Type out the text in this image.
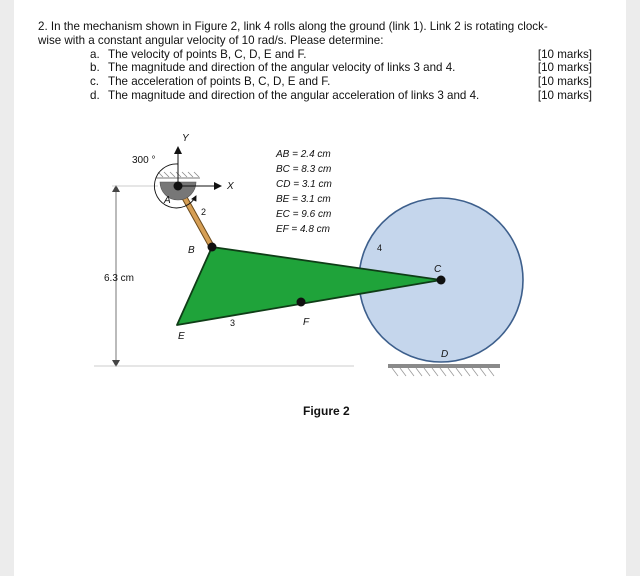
2. In the mechanism shown in Figure 2, link 4 rolls along the ground (link 1). Link 2 is rotating clock-

wise with a constant angular velocity of 10 rad/s. Please determine:

a. The velocity of points B, C, D, E and F.	[10 marks]
b. The magnitude and direction of the angular velocity of links 3 and 4.	[10 marks]
c. The acceleration of points B, C, D, E and F.	[10 marks]
d. The magnitude and direction of the angular acceleration of links 3 and 4.	[10 marks]
Y
X
300 °
A
2
B
C
4
E
3	F
D
6.3 cm
AB = 2.4 cm
BC = 8.3 cm
CD = 3.1 cm
BE = 3.1 cm
EC = 9.6 cm
EF = 4.8 cm
Figure 2
